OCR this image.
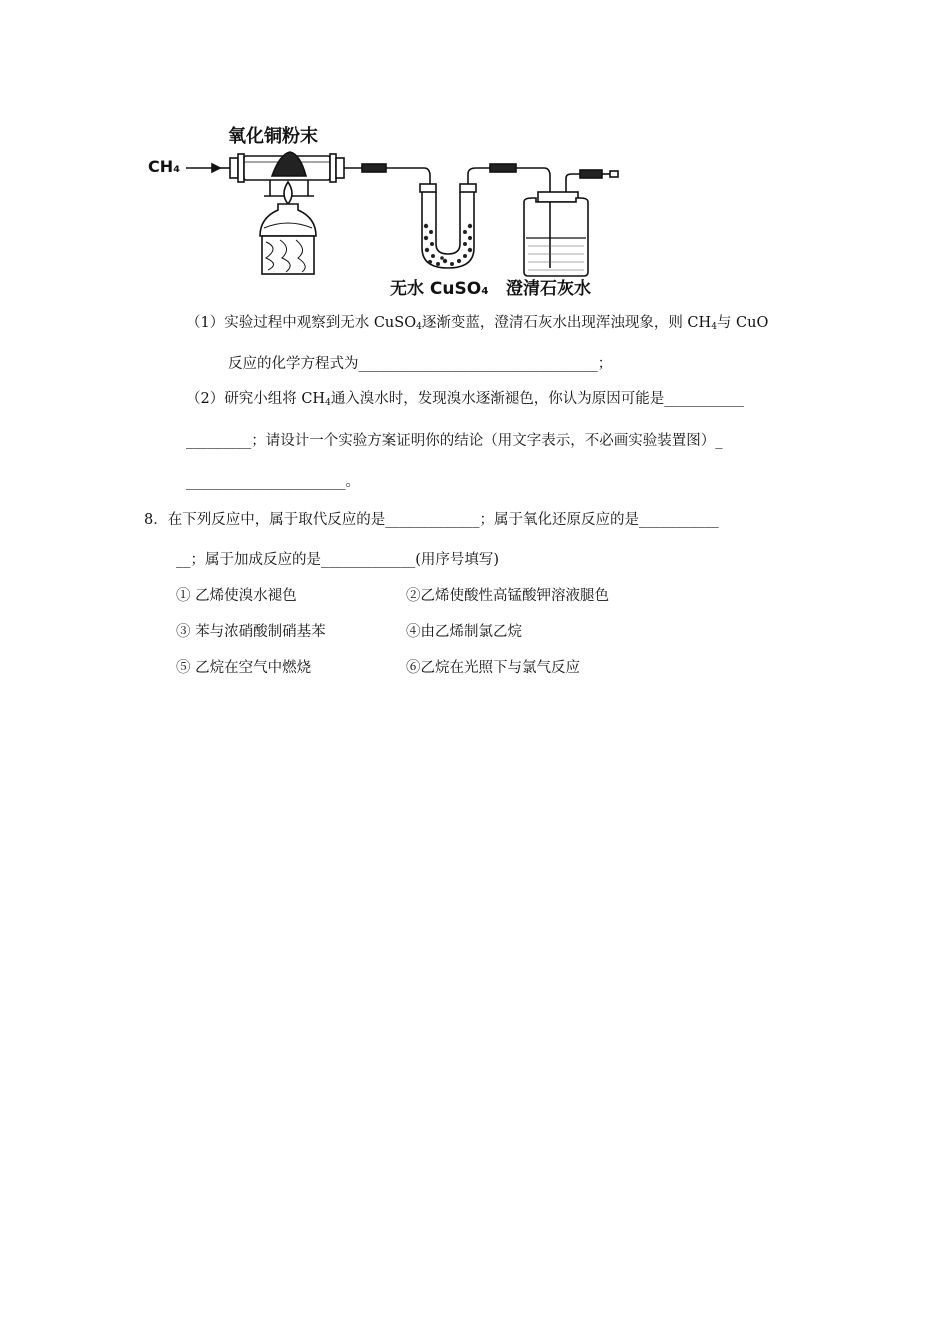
CH₄
氧化铜粉末
无水 CuSO₄ 澄清石灰水
（1）实验过程中观察到无水 CuSO$_4$逐渐变蓝，澄清石灰水出现浑浊现象，则 $CH_4$与 CuO
反应的化学方程式为_________________________________；
（2）研究小组将 $CH_4$通入溴水时，发现溴水逐渐褪色，你认为原因可能是___________
_________；请设计一个实验方案证明你的结论（用文字表示，不必画实验装置图）_
______________________。
8．在下列反应中，属于取代反应的是_____________；属于氧化还原反应的是___________
__；属于加成反应的是_____________(用序号填写)
① 乙烯使溴水褪色	②乙烯使酸性高锰酸钾溶液腿色
③ 苯与浓硝酸制硝基苯	④由乙烯制氯乙烷
⑤ 乙烷在空气中燃烧	⑥乙烷在光照下与氯气反应
